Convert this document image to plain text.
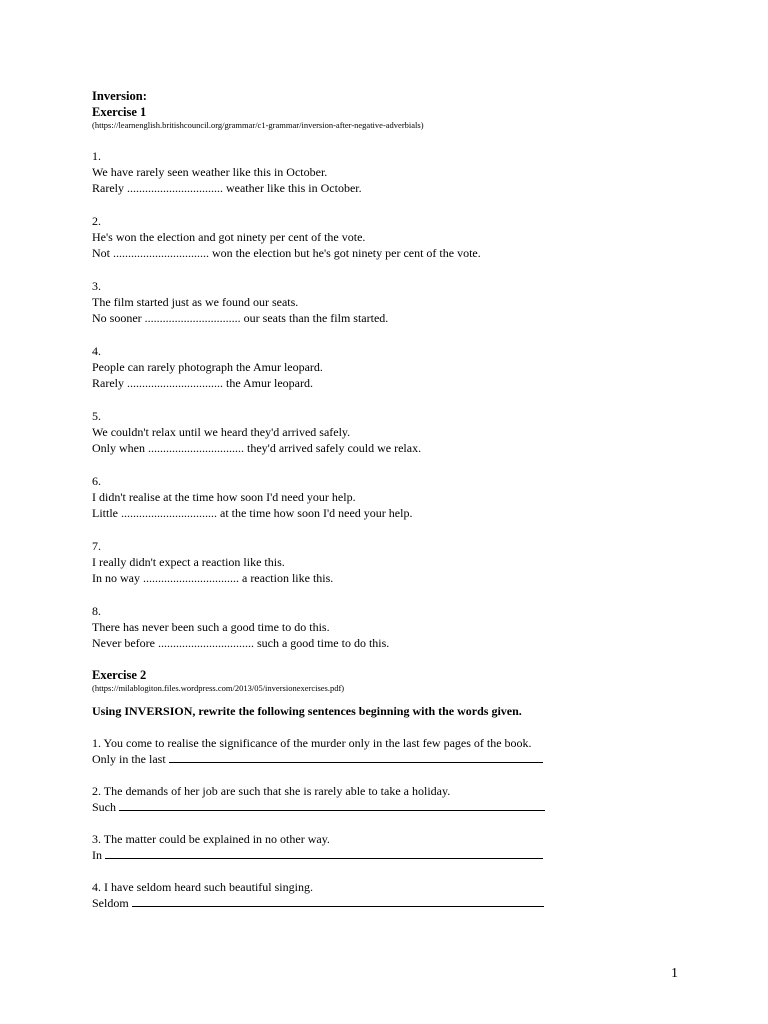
Inversion:
Exercise 1
(https://learnenglish.britishcouncil.org/grammar/c1-grammar/inversion-after-negative-adverbials)
1.
We have rarely seen weather like this in October.
Rarely ................................ weather like this in October.
2.
He's won the election and got ninety per cent of the vote.
Not ................................ won the election but he's got ninety per cent of the vote.
3.
The film started just as we found our seats.
No sooner ................................ our seats than the film started.
4.
People can rarely photograph the Amur leopard.
Rarely ................................ the Amur leopard.
5.
We couldn't relax until we heard they'd arrived safely.
Only when ................................ they'd arrived safely could we relax.
6.
I didn't realise at the time how soon I'd need your help.
Little ................................ at the time how soon I'd need your help.
7.
I really didn't expect a reaction like this.
In no way ................................ a reaction like this.
8.
There has never been such a good time to do this.
Never before ................................ such a good time to do this.
Exercise 2
(https://milablogiton.files.wordpress.com/2013/05/inversionexercises.pdf)
Using INVERSION, rewrite the following sentences beginning with the words given.
1. You come to realise the significance of the murder only in the last few pages of the book.
Only in the last
2. The demands of her job are such that she is rarely able to take a holiday.
Such
3. The matter could be explained in no other way.
In
4. I have seldom heard such beautiful singing.
Seldom
1
